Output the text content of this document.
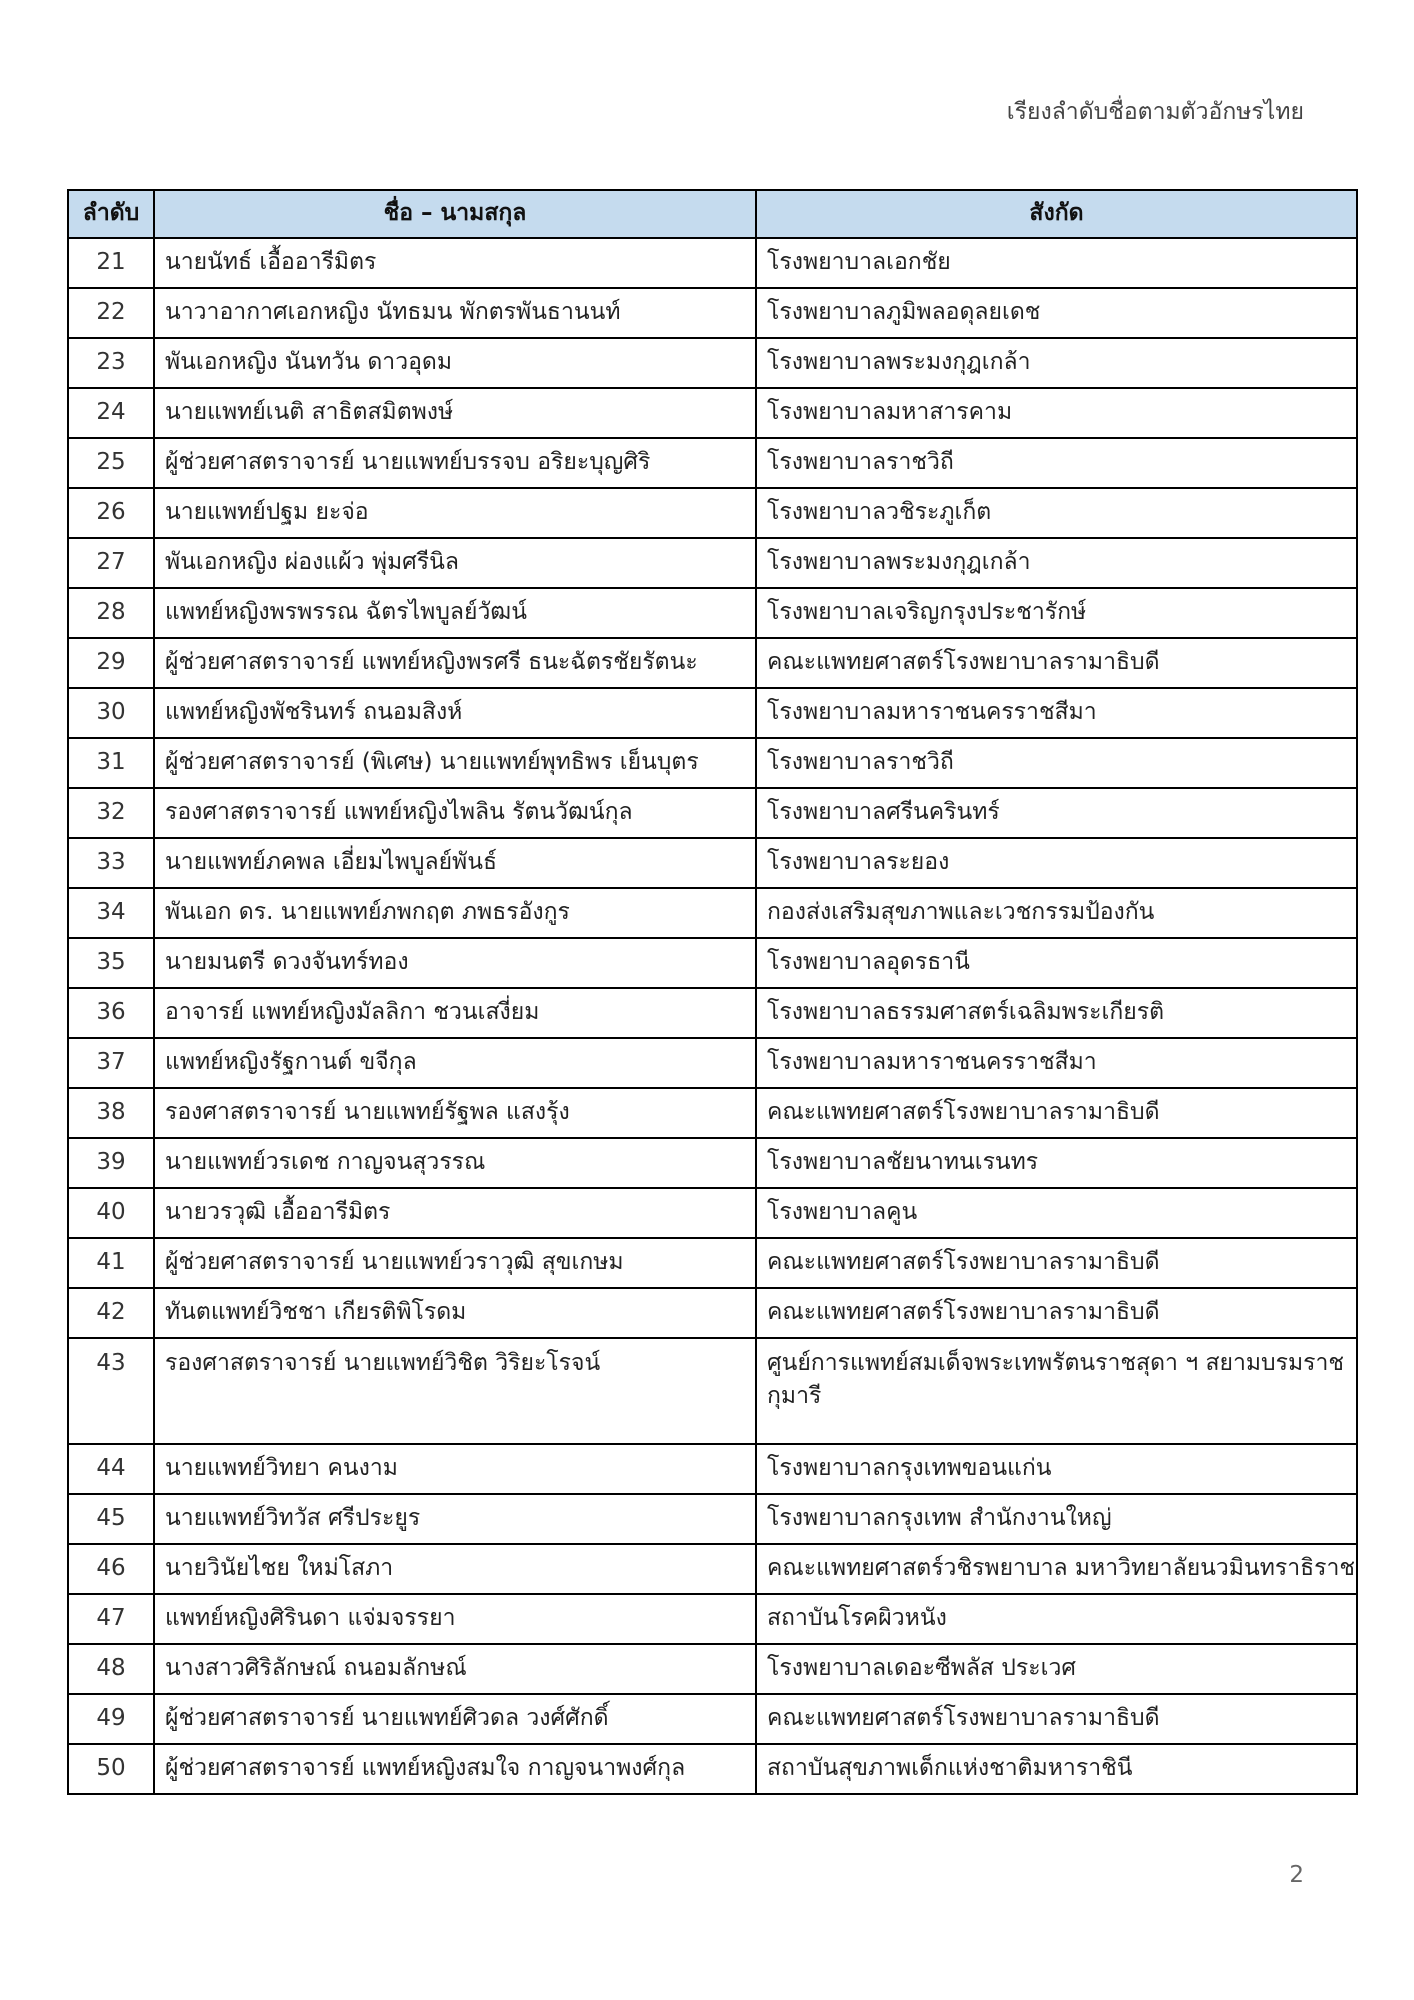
เรียงลำดับชื่อตามตัวอักษรไทย
ลำดับ	ชื่อ – นามสกุล	สังกัด
21	นายนัทธ์ เอื้ออารีมิตร	โรงพยาบาลเอกชัย
22	นาวาอากาศเอกหญิง นัทธมน พักตรพันธานนท์	โรงพยาบาลภูมิพลอดุลยเดช
23	พันเอกหญิง นันทวัน ดาวอุดม	โรงพยาบาลพระมงกุฎเกล้า
24	นายแพทย์เนติ สาธิตสมิตพงษ์	โรงพยาบาลมหาสารคาม
25	ผู้ช่วยศาสตราจารย์ นายแพทย์บรรจบ อริยะบุญศิริ	โรงพยาบาลราชวิถี
26	นายแพทย์ปฐม ยะจ่อ	โรงพยาบาลวชิระภูเก็ต
27	พันเอกหญิง ผ่องแผ้ว พุ่มศรีนิล	โรงพยาบาลพระมงกุฎเกล้า
28	แพทย์หญิงพรพรรณ ฉัตรไพบูลย์วัฒน์	โรงพยาบาลเจริญกรุงประชารักษ์
29	ผู้ช่วยศาสตราจารย์ แพทย์หญิงพรศรี ธนะฉัตรชัยรัตนะ	คณะแพทยศาสตร์โรงพยาบาลรามาธิบดี
30	แพทย์หญิงพัชรินทร์ ถนอมสิงห์	โรงพยาบาลมหาราชนครราชสีมา
31	ผู้ช่วยศาสตราจารย์ (พิเศษ) นายแพทย์พุทธิพร เย็นบุตร	โรงพยาบาลราชวิถี
32	รองศาสตราจารย์ แพทย์หญิงไพลิน รัตนวัฒน์กุล	โรงพยาบาลศรีนครินทร์
33	นายแพทย์ภคพล เอี่ยมไพบูลย์พันธ์	โรงพยาบาลระยอง
34	พันเอก ดร. นายแพทย์ภพกฤต ภพธรอังกูร	กองส่งเสริมสุขภาพและเวชกรรมป้องกัน
35	นายมนตรี ดวงจันทร์ทอง	โรงพยาบาลอุดรธานี
36	อาจารย์ แพทย์หญิงมัลลิกา ชวนเสงี่ยม	โรงพยาบาลธรรมศาสตร์เฉลิมพระเกียรติ
37	แพทย์หญิงรัฐกานต์ ขจีกุล	โรงพยาบาลมหาราชนครราชสีมา
38	รองศาสตราจารย์ นายแพทย์รัฐพล แสงรุ้ง	คณะแพทยศาสตร์โรงพยาบาลรามาธิบดี
39	นายแพทย์วรเดช กาญจนสุวรรณ	โรงพยาบาลชัยนาทนเรนทร
40	นายวรวุฒิ เอื้ออารีมิตร	โรงพยาบาลคูน
41	ผู้ช่วยศาสตราจารย์ นายแพทย์วราวุฒิ สุขเกษม	คณะแพทยศาสตร์โรงพยาบาลรามาธิบดี
42	ทันตแพทย์วิชชา เกียรติพิโรดม	คณะแพทยศาสตร์โรงพยาบาลรามาธิบดี
43	รองศาสตราจารย์ นายแพทย์วิชิต วิริยะโรจน์	ศูนย์การแพทย์สมเด็จพระเทพรัตนราชสุดา ฯ สยามบรมราชกุมารี
44	นายแพทย์วิทยา คนงาม	โรงพยาบาลกรุงเทพขอนแก่น
45	นายแพทย์วิทวัส ศรีประยูร	โรงพยาบาลกรุงเทพ สำนักงานใหญ่
46	นายวินัยไชย ใหม่โสภา	คณะแพทยศาสตร์วชิรพยาบาล มหาวิทยาลัยนวมินทราธิราช
47	แพทย์หญิงศิรินดา แจ่มจรรยา	สถาบันโรคผิวหนัง
48	นางสาวศิริลักษณ์ ถนอมลักษณ์	โรงพยาบาลเดอะซีพลัส ประเวศ
49	ผู้ช่วยศาสตราจารย์ นายแพทย์ศิวดล วงศ์ศักดิ์	คณะแพทยศาสตร์โรงพยาบาลรามาธิบดี
50	ผู้ช่วยศาสตราจารย์ แพทย์หญิงสมใจ กาญจนาพงศ์กุล	สถาบันสุขภาพเด็กแห่งชาติมหาราชินี
2
